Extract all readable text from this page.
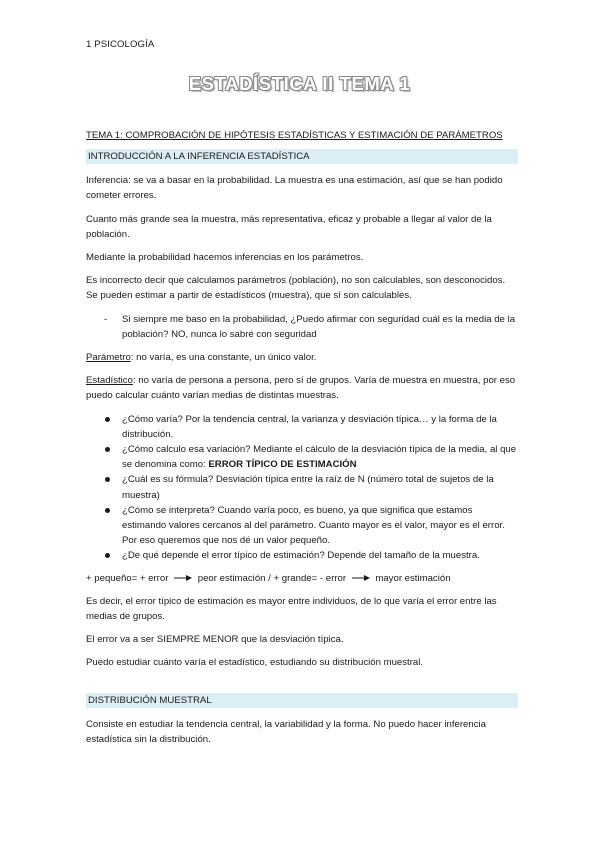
1 PSICOLOGÍA
ESTADÍSTICA II TEMA 1
TEMA 1: COMPROBACIÓN DE HIPÓTESIS ESTADÍSTICAS Y ESTIMACIÓN DE PARÁMETROS
INTRODUCCIÓN A LA INFERENCIA ESTADÍSTICA

Inferencia: se va a basar en la probabilidad. La muestra es una estimación, así que se han podido cometer errores.

Cuanto más grande sea la muestra, más representativa, eficaz y probable a llegar al valor de la población.

Mediante la probabilidad hacemos inferencias en los parámetros.

Es incorrecto decir que calculamos parámetros (población), no son calculables, son desconocidos. Se pueden estimar a partir de estadísticos (muestra), que sí son calculables.

- Si siempre me baso en la probabilidad, ¿Puedo afirmar con seguridad cuál es la media de la población? NO, nunca lo sabré con seguridad

Parámetro: no varía, es una constante, un único valor.

Estadístico: no varía de persona a persona, pero sí de grupos. Varía de muestra en muestra, por eso puedo calcular cuánto varían medias de distintas muestras.

¿Cómo varía? Por la tendencia central, la varianza y desviación típica… y la forma de la distribución.
¿Cómo calculo esa variación? Mediante el cálculo de la desviación típica de la media, al que se denomina como: ERROR TÍPICO DE ESTIMACIÓN
¿Cuál es su fórmula? Desviación típica entre la raíz de N (número total de sujetos de la muestra)
¿Cómo se interpreta? Cuando varía poco, es bueno, ya que significa que estamos estimando valores cercanos al del parámetro. Cuanto mayor es el valor, mayor es el error. Por eso queremos que nos dé un valor pequeño.
¿De qué depende el error típico de estimación? Depende del tamaño de la muestra.

+ pequeño= + error	peor estimación / + grande= - error	mayor estimación

Es decir, el error típico de estimación es mayor entre individuos, de lo que varía el error entre las medias de grupos.

El error va a ser SIEMPRE MENOR que la desviación típica.

Puedo estudiar cuánto varía el estadístico, estudiando su distribución muestral.

DISTRIBUCIÓN MUESTRAL

Consiste en estudiar la tendencia central, la variabilidad y la forma. No puedo hacer inferencia estadística sin la distribución.
